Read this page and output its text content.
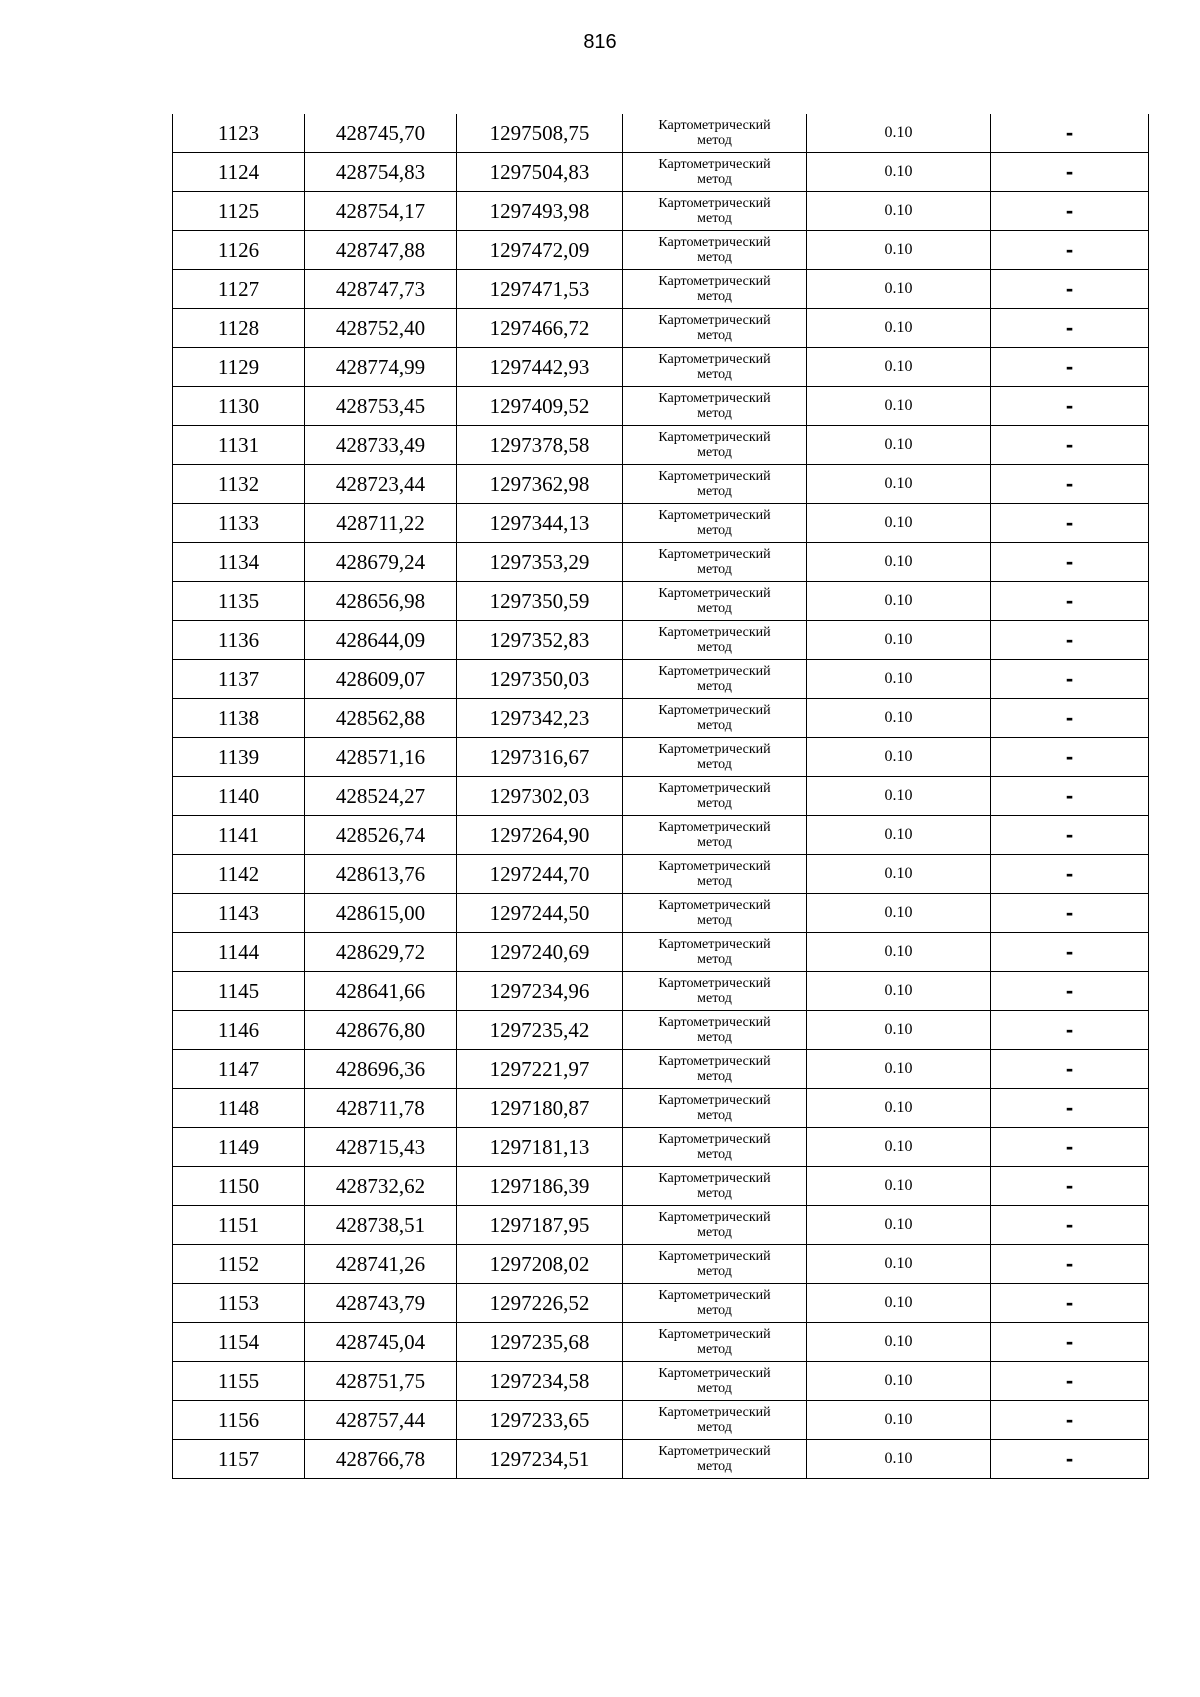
816
1123	428745,70	1297508,75	Картометрический
метод	0.10	-
1124	428754,83	1297504,83	Картометрический
метод	0.10	-
1125	428754,17	1297493,98	Картометрический
метод	0.10	-
1126	428747,88	1297472,09	Картометрический
метод	0.10	-
1127	428747,73	1297471,53	Картометрический
метод	0.10	-
1128	428752,40	1297466,72	Картометрический
метод	0.10	-
1129	428774,99	1297442,93	Картометрический
метод	0.10	-
1130	428753,45	1297409,52	Картометрический
метод	0.10	-
1131	428733,49	1297378,58	Картометрический
метод	0.10	-
1132	428723,44	1297362,98	Картометрический
метод	0.10	-
1133	428711,22	1297344,13	Картометрический
метод	0.10	-
1134	428679,24	1297353,29	Картометрический
метод	0.10	-
1135	428656,98	1297350,59	Картометрический
метод	0.10	-
1136	428644,09	1297352,83	Картометрический
метод	0.10	-
1137	428609,07	1297350,03	Картометрический
метод	0.10	-
1138	428562,88	1297342,23	Картометрический
метод	0.10	-
1139	428571,16	1297316,67	Картометрический
метод	0.10	-
1140	428524,27	1297302,03	Картометрический
метод	0.10	-
1141	428526,74	1297264,90	Картометрический
метод	0.10	-
1142	428613,76	1297244,70	Картометрический
метод	0.10	-
1143	428615,00	1297244,50	Картометрический
метод	0.10	-
1144	428629,72	1297240,69	Картометрический
метод	0.10	-
1145	428641,66	1297234,96	Картометрический
метод	0.10	-
1146	428676,80	1297235,42	Картометрический
метод	0.10	-
1147	428696,36	1297221,97	Картометрический
метод	0.10	-
1148	428711,78	1297180,87	Картометрический
метод	0.10	-
1149	428715,43	1297181,13	Картометрический
метод	0.10	-
1150	428732,62	1297186,39	Картометрический
метод	0.10	-
1151	428738,51	1297187,95	Картометрический
метод	0.10	-
1152	428741,26	1297208,02	Картометрический
метод	0.10	-
1153	428743,79	1297226,52	Картометрический
метод	0.10	-
1154	428745,04	1297235,68	Картометрический
метод	0.10	-
1155	428751,75	1297234,58	Картометрический
метод	0.10	-
1156	428757,44	1297233,65	Картометрический
метод	0.10	-
1157	428766,78	1297234,51	Картометрический
метод	0.10	-
